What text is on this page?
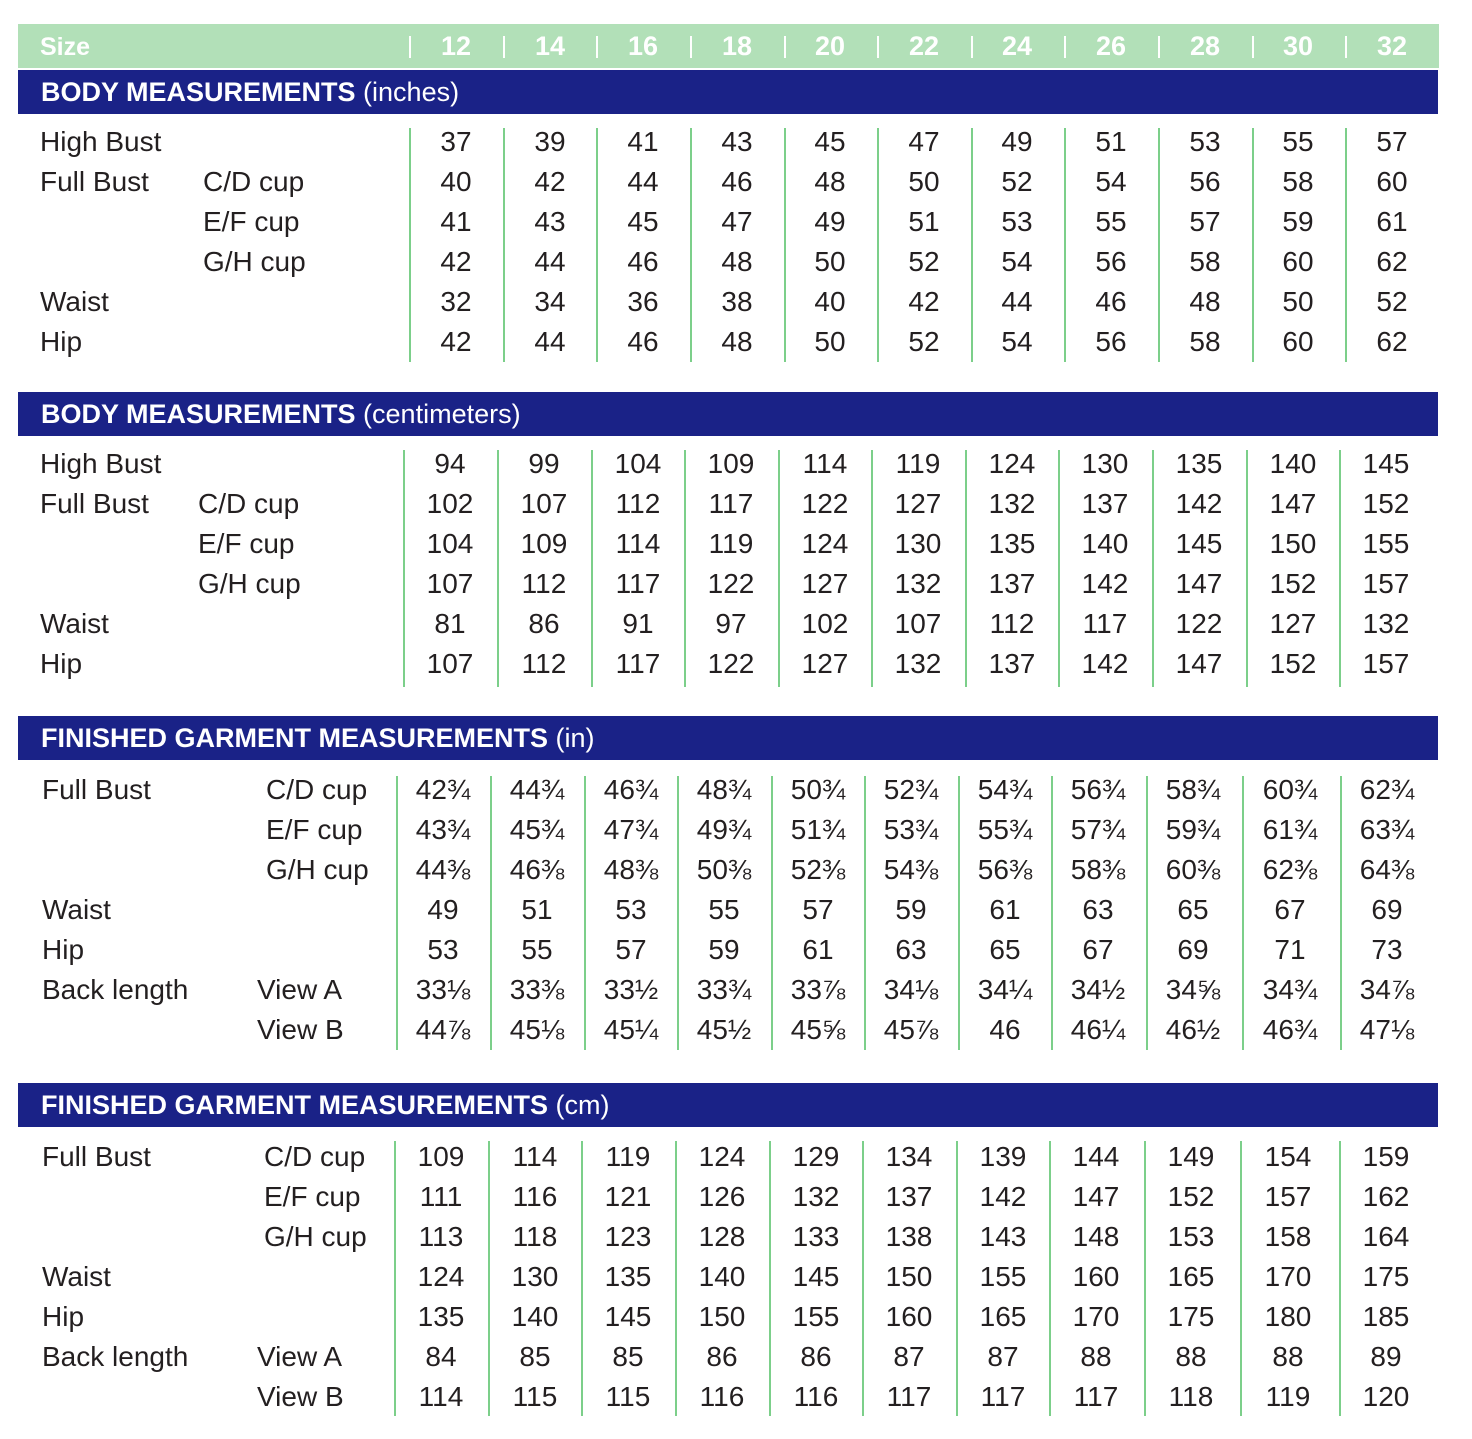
Size	12	14	16	18	20	22	24	26	28	30	32
BODY MEASUREMENTS (inches)
High Bust	37	39	41	43	45	47	49	51	53	55	57
Full Bust C/D cup	40	42	44	46	48	50	52	54	56	58	60
E/F cup	41	43	45	47	49	51	53	55	57	59	61
G/H cup	42	44	46	48	50	52	54	56	58	60	62
Waist	32	34	36	38	40	42	44	46	48	50	52
Hip	42	44	46	48	50	52	54	56	58	60	62
BODY MEASUREMENTS (centimeters)
High Bust	94	99	104	109	114	119	124	130	135	140	145
Full Bust C/D cup	102	107	112	117	122	127	132	137	142	147	152
E/F cup	104	109	114	119	124	130	135	140	145	150	155
G/H cup	107	112	117	122	127	132	137	142	147	152	157
Waist	81	86	91	97	102	107	112	117	122	127	132
Hip	107	112	117	122	127	132	137	142	147	152	157
FINISHED GARMENT MEASUREMENTS (in)
Full Bust	C/D cup	42¾	44¾	46¾	48¾	50¾	52¾	54¾	56¾	58¾	60¾	62¾
E/F cup	43¾	45¾	47¾	49¾	51¾	53¾	55¾	57¾	59¾	61¾	63¾
G/H cup	44⅜	46⅜	48⅜	50⅜	52⅜	54⅜	56⅜	58⅜	60⅜	62⅜	64⅜
Waist	49	51	53	55	57	59	61	63	65	67	69
Hip	53	55	57	59	61	63	65	67	69	71	73
Back length View A	33⅛	33⅜	33½	33¾	33⅞	34⅛	34¼	34½	34⅝	34¾	34⅞
View B	44⅞	45⅛	45¼	45½	45⅝	45⅞	46	46¼	46½	46¾	47⅛
FINISHED GARMENT MEASUREMENTS (cm)
Full Bust	C/D cup	109	114	119	124	129	134	139	144	149	154	159
E/F cup	111	116	121	126	132	137	142	147	152	157	162
G/H cup	113	118	123	128	133	138	143	148	153	158	164
Waist	124	130	135	140	145	150	155	160	165	170	175
Hip	135	140	145	150	155	160	165	170	175	180	185
Back length View A	84	85	85	86	86	87	87	88	88	88	89
View B	114	115	115	116	116	117	117	117	118	119	120
